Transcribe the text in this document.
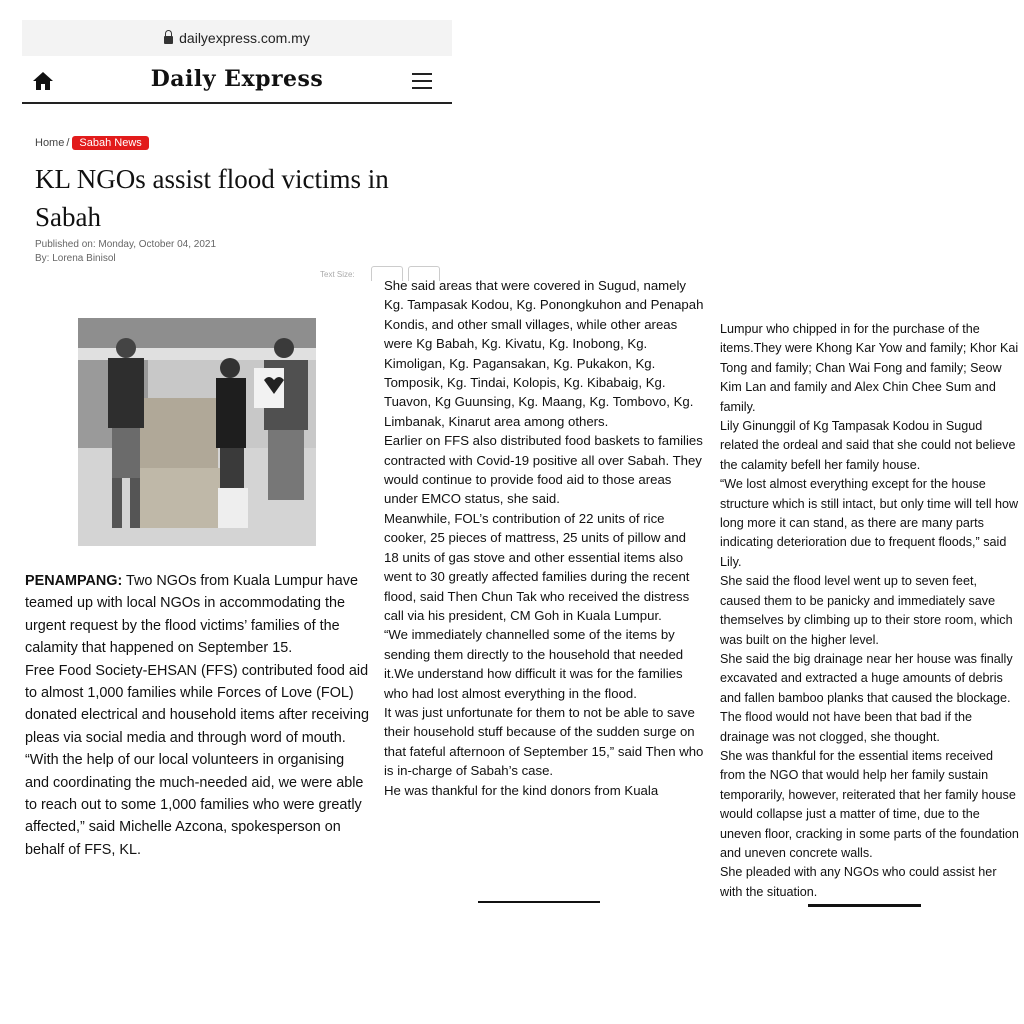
dailyexpress.com.my
Daily Express
Home / Sabah News
KL NGOs assist flood victims in Sabah
Published on: Monday, October 04, 2021
By: Lorena Binisol
Text Size:

PENAMPANG: Two NGOs from Kuala Lumpur have teamed up with local NGOs in accommodating the urgent request by the flood victims’ families of the calamity that happened on September 15.

Free Food Society-EHSAN (FFS) contributed food aid to almost 1,000 families while Forces of Love (FOL) donated electrical and household items after receiving pleas via social media and through word of mouth.

“With the help of our local volunteers in organising and coordinating the much-needed aid, we were able to reach out to some 1,000 families who were greatly affected,” said Michelle Azcona, spokesperson on behalf of FFS, KL.

She said areas that were covered in Sugud, namely Kg. Tampasak Kodou, Kg. Ponongkuhon and Penapah Kondis, and other small villages, while other areas were Kg Babah, Kg. Kivatu, Kg. Inobong, Kg. Kimoligan, Kg. Pagansakan, Kg. Pukakon, Kg. Tomposik, Kg. Tindai, Kolopis, Kg. Kibabaig, Kg. Tuavon, Kg Guunsing, Kg. Maang, Kg. Tombovo, Kg. Limbanak, Kinarut area among others.

Earlier on FFS also distributed food baskets to families contracted with Covid-19 positive all over Sabah. They would continue to provide food aid to those areas under EMCO status, she said.

Meanwhile, FOL’s contribution of 22 units of rice cooker, 25 pieces of mattress, 25 units of pillow and 18 units of gas stove and other essential items also went to 30 greatly affected families during the recent flood, said Then Chun Tak who received the distress call via his president, CM Goh in Kuala Lumpur.

“We immediately channelled some of the items by sending them directly to the household that needed it.We understand how difficult it was for the families who had lost almost everything in the flood.

It was just unfortunate for them to not be able to save their household stuff because of the sudden surge on that fateful afternoon of September 15,” said Then who is in-charge of Sabah’s case.

He was thankful for the kind donors from Kuala

Lumpur who chipped in for the purchase of the items.They were Khong Kar Yow and family; Khor Kai Tong and family; Chan Wai Fong and family; Seow Kim Lan and family and Alex Chin Chee Sum and family.

Lily Ginunggil of Kg Tampasak Kodou in Sugud related the ordeal and said that she could not believe the calamity befell her family house.

“We lost almost everything except for the house structure which is still intact, but only time will tell how long more it can stand, as there are many parts indicating deterioration due to frequent floods,” said Lily.

She said the flood level went up to seven feet, caused them to be panicky and immediately save themselves by climbing up to their store room, which was built on the higher level.

She said the big drainage near her house was finally excavated and extracted a huge amounts of debris and fallen bamboo planks that caused the blockage.

The flood would not have been that bad if the drainage was not clogged, she thought.

She was thankful for the essential items received from the NGO that would help her family sustain temporarily, however, reiterated that her family house would collapse just a matter of time, due to the uneven floor, cracking in some parts of the foundation and uneven concrete walls.

She pleaded with any NGOs who could assist her with the situation.
